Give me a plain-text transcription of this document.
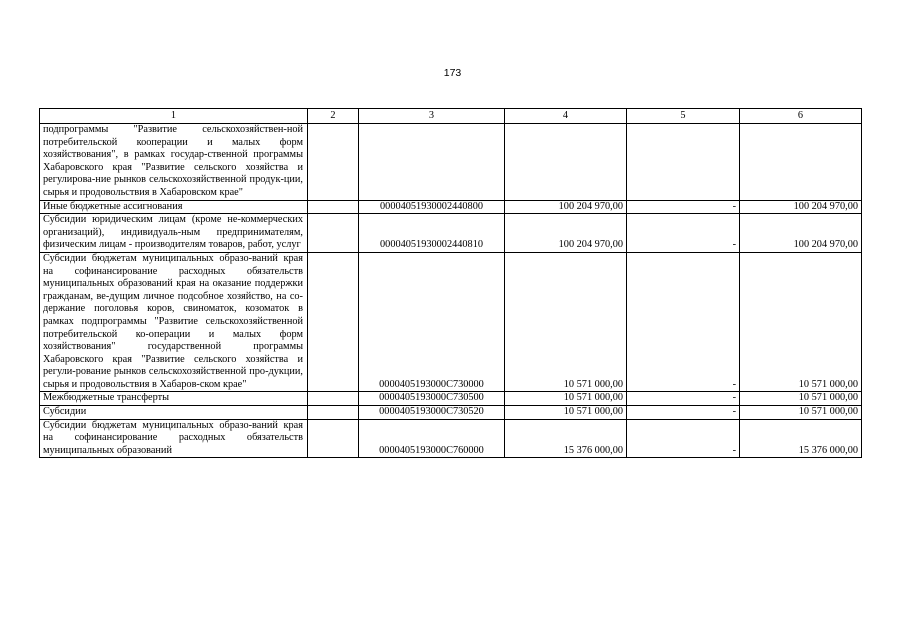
173
1	2	3	4	5	6
подпрограммы "Развитие сельскохозяйствен-ной потребительской кооперации и малых форм хозяйствования", в рамках государ-ственной программы Хабаровского края "Развитие сельского хозяйства и регулирова-ние рынков сельскохозяйственной продук-ции, сырья и продовольствия в Хабаровском крае"					
Иные бюджетные ассигнования		00004051930002440800	100 204 970,00	-	100 204 970,00
Субсидии юридическим лицам (кроме не-коммерческих организаций), индивидуаль-ным предпринимателям, физическим лицам - производителям товаров, работ, услуг		00004051930002440810	100 204 970,00	-	100 204 970,00
Субсидии бюджетам муниципальных образо-ваний края на софинансирование расходных обязательств муниципальных образований края на оказание поддержки гражданам, ве-дущим личное подсобное хозяйство, на со-держание поголовья коров, свиноматок, козоматок в рамках подпрограммы "Развитие сельскохозяйственной потребительской ко-операции и малых форм хозяйствования" государственной программы Хабаровского края "Развитие сельского хозяйства и регули-рование рынков сельскохозяйственной про-дукции, сырья и продовольствия в Хабаров-ском крае"		0000405193000С730000	10 571 000,00	-	10 571 000,00
Межбюджетные трансферты		0000405193000С730500	10 571 000,00	-	10 571 000,00
Субсидии		0000405193000С730520	10 571 000,00	-	10 571 000,00
Субсидии бюджетам муниципальных образо-ваний края на софинансирование расходных обязательств муниципальных образований		0000405193000С760000	15 376 000,00	-	15 376 000,00
